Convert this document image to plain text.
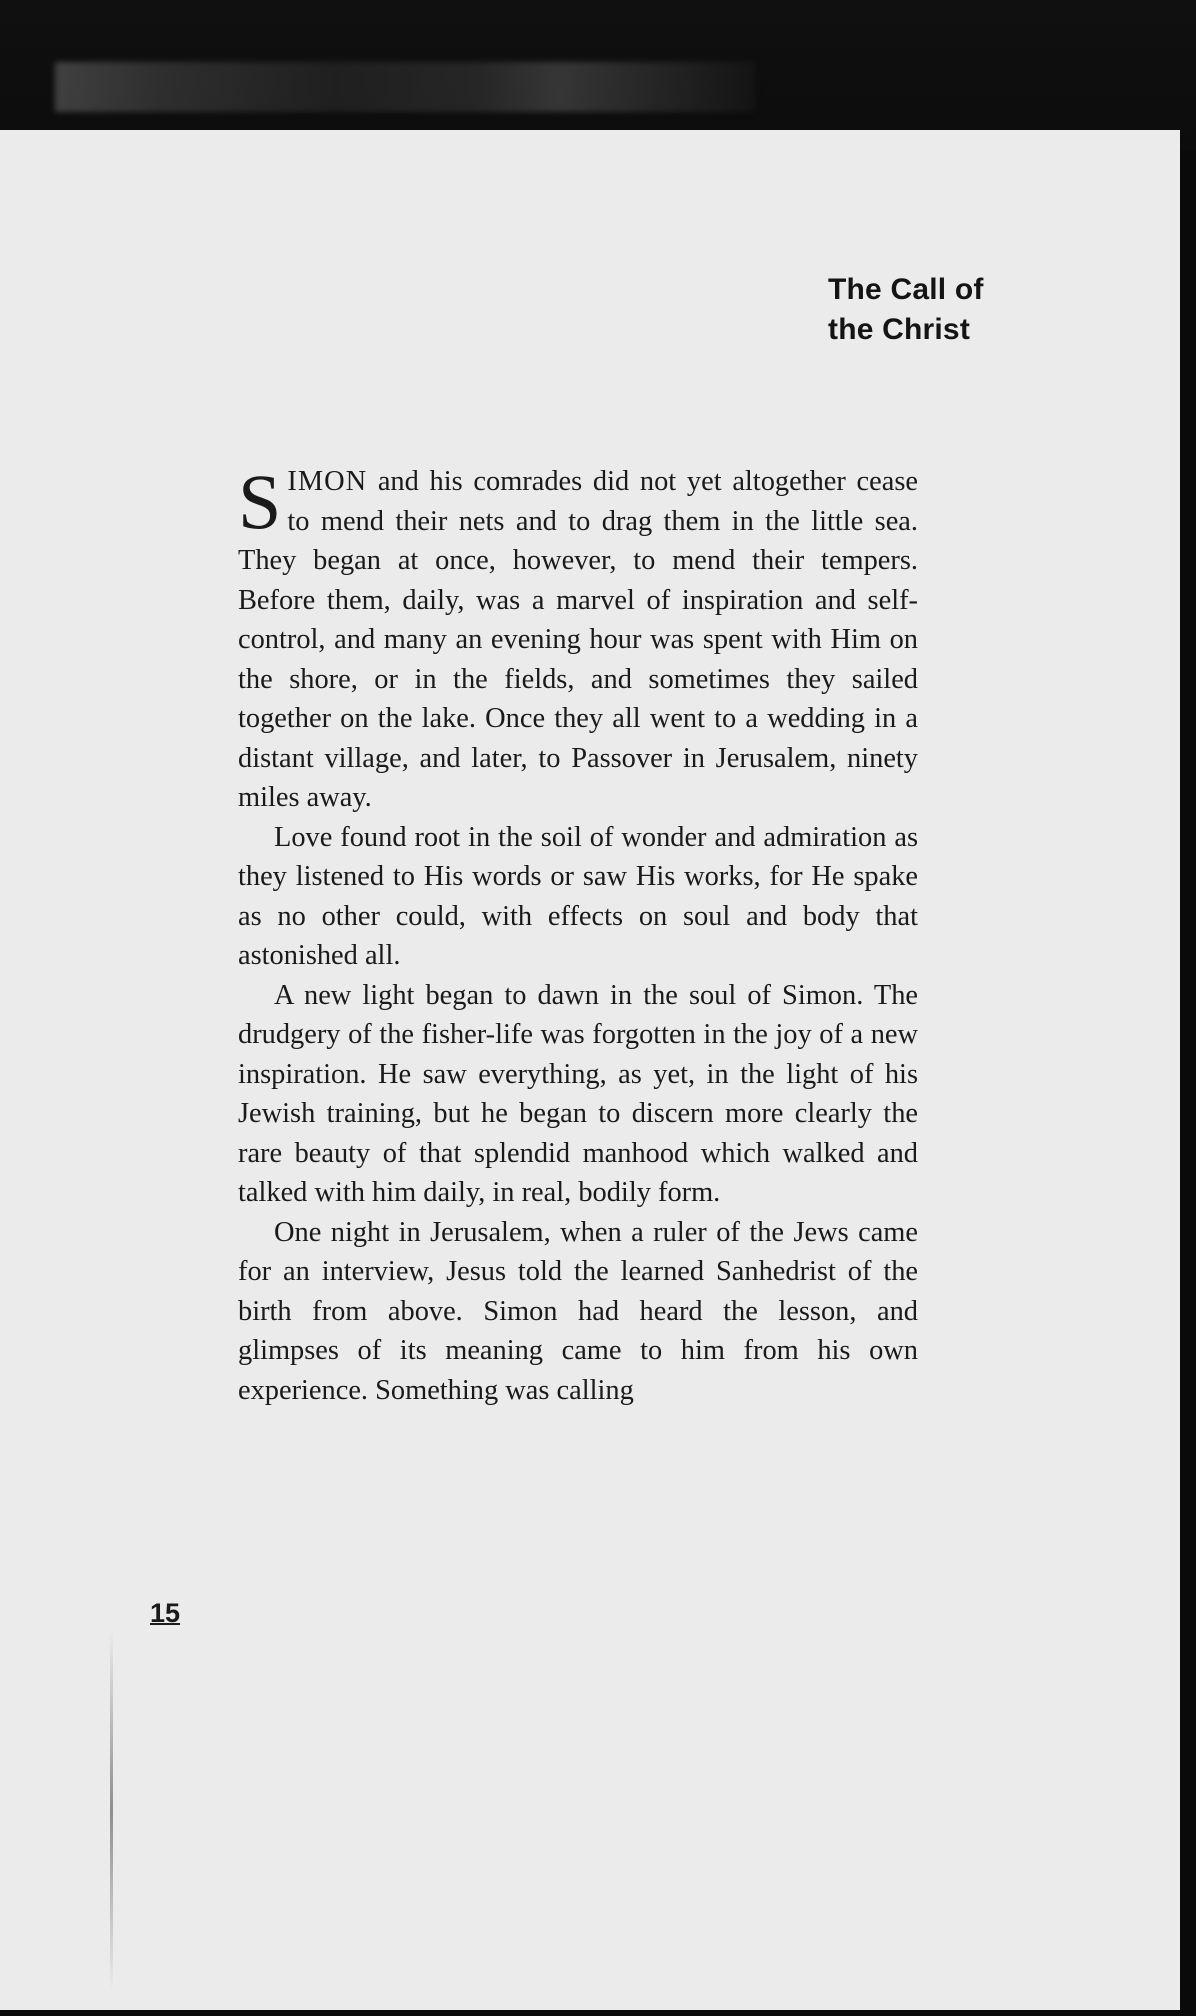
The Call of
the Christ

SIMON and his comrades did not yet altogether cease to mend their nets and to drag them in the little sea. They began at once, however, to mend their tempers. Before them, daily, was a marvel of inspiration and self-control, and many an evening hour was spent with Him on the shore, or in the fields, and sometimes they sailed together on the lake. Once they all went to a wedding in a distant village, and later, to Passover in Jerusalem, ninety miles away.

Love found root in the soil of wonder and admiration as they listened to His words or saw His works, for He spake as no other could, with effects on soul and body that astonished all.

A new light began to dawn in the soul of Simon. The drudgery of the fisher-life was forgotten in the joy of a new inspiration. He saw everything, as yet, in the light of his Jewish training, but he began to discern more clearly the rare beauty of that splendid manhood which walked and talked with him daily, in real, bodily form.

One night in Jerusalem, when a ruler of the Jews came for an interview, Jesus told the learned Sanhedrist of the birth from above. Simon had heard the lesson, and glimpses of its meaning came to him from his own experience. Something was calling

15
